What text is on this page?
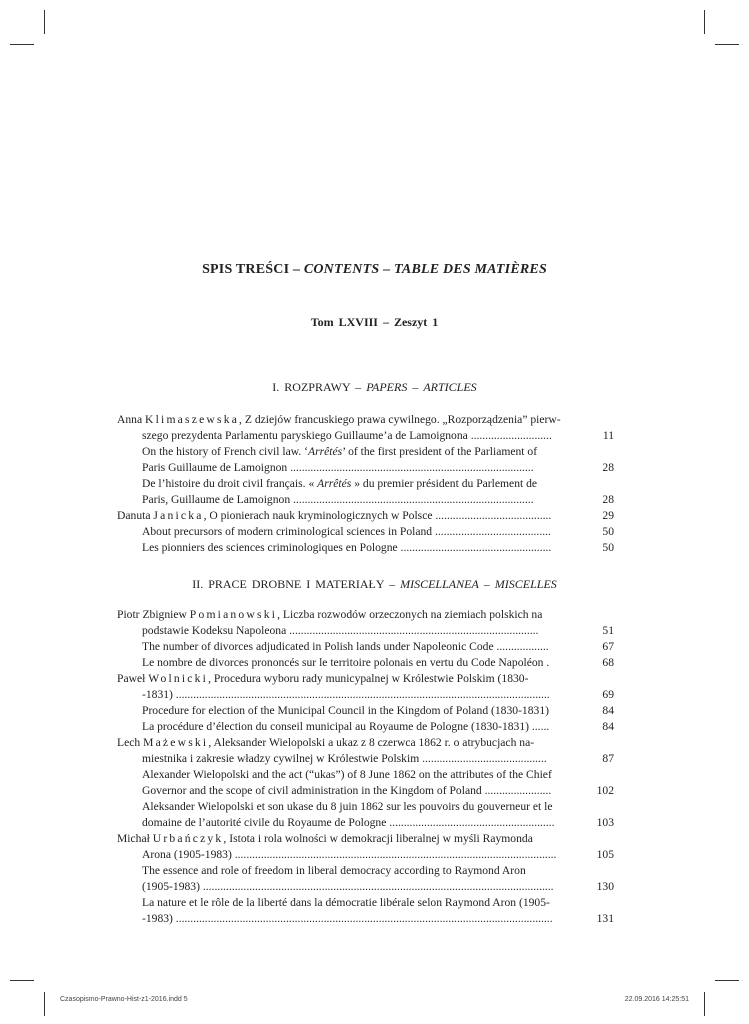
SPIS TREŚCI – CONTENTS – TABLE DES MATIÈRES
Tom LXVIII – Zeszyt 1
I. ROZPRAWY – PAPERS – ARTICLES
Anna Klimaszewska, Z dziejów francuskiego prawa cywilnego. „Rozporządzenia” pierw-
szego prezydenta Parlamentu paryskiego Guillaume’a de Lamoignona ............................	11
On the history of French civil law. ‘Arrêtés’ of the first president of the Parliament of
Paris Guillaume de Lamoignon ....................................................................................	28
De l’histoire du droit civil français. « Arrêtés » du premier président du Parlement de
Paris, Guillaume de Lamoignon ...................................................................................	28
Danuta Janicka, O pionierach nauk kryminologicznych w Polsce ........................................	29
About precursors of modern criminological sciences in Poland ........................................	50
Les pionniers des sciences criminologiques en Pologne ....................................................	50
II. PRACE DROBNE I MATERIAŁY – MISCELLANEA – MISCELLES
Piotr Zbigniew Pomianowski, Liczba rozwodów orzeczonych na ziemiach polskich na
podstawie Kodeksu Napoleona ......................................................................................	51
The number of divorces adjudicated in Polish lands under Napoleonic Code ..................	67
Le nombre de divorces prononcés sur le territoire polonais en vertu du Code Napoléon .	68
Paweł Wolnicki, Procedura wyboru rady municypalnej w Królestwie Polskim (1830-
-1831) .................................................................................................................................	69
Procedure for election of the Municipal Council in the Kingdom of Poland (1830-1831)	84
La procédure d’élection du conseil municipal au Royaume de Pologne (1830-1831) ......	84
Lech Mażewski, Aleksander Wielopolski a ukaz z 8 czerwca 1862 r. o atrybucjach na-
miestnika i zakresie władzy cywilnej w Królestwie Polskim ...........................................	87
Alexander Wielopolski and the act (“ukas”) of 8 June 1862 on the attributes of the Chief
Governor and the scope of civil administration in the Kingdom of Poland .......................	102
Aleksander Wielopolski et son ukase du 8 juin 1862 sur les pouvoirs du gouverneur et le
domaine de l’autorité civile du Royaume de Pologne .........................................................	103
Michał Urbańczyk, Istota i rola wolności w demokracji liberalnej w myśli Raymonda
Arona (1905-1983) ...............................................................................................................	105
The essence and role of freedom in liberal democracy according to Raymond Aron
(1905-1983) .........................................................................................................................	130
La nature et le rôle de la liberté dans la démocratie libérale selon Raymond Aron (1905-
-1983) ..................................................................................................................................	131
Czasopismo-Prawno-Hist-z1-2016.indd 5	22.09.2016 14:25:51
